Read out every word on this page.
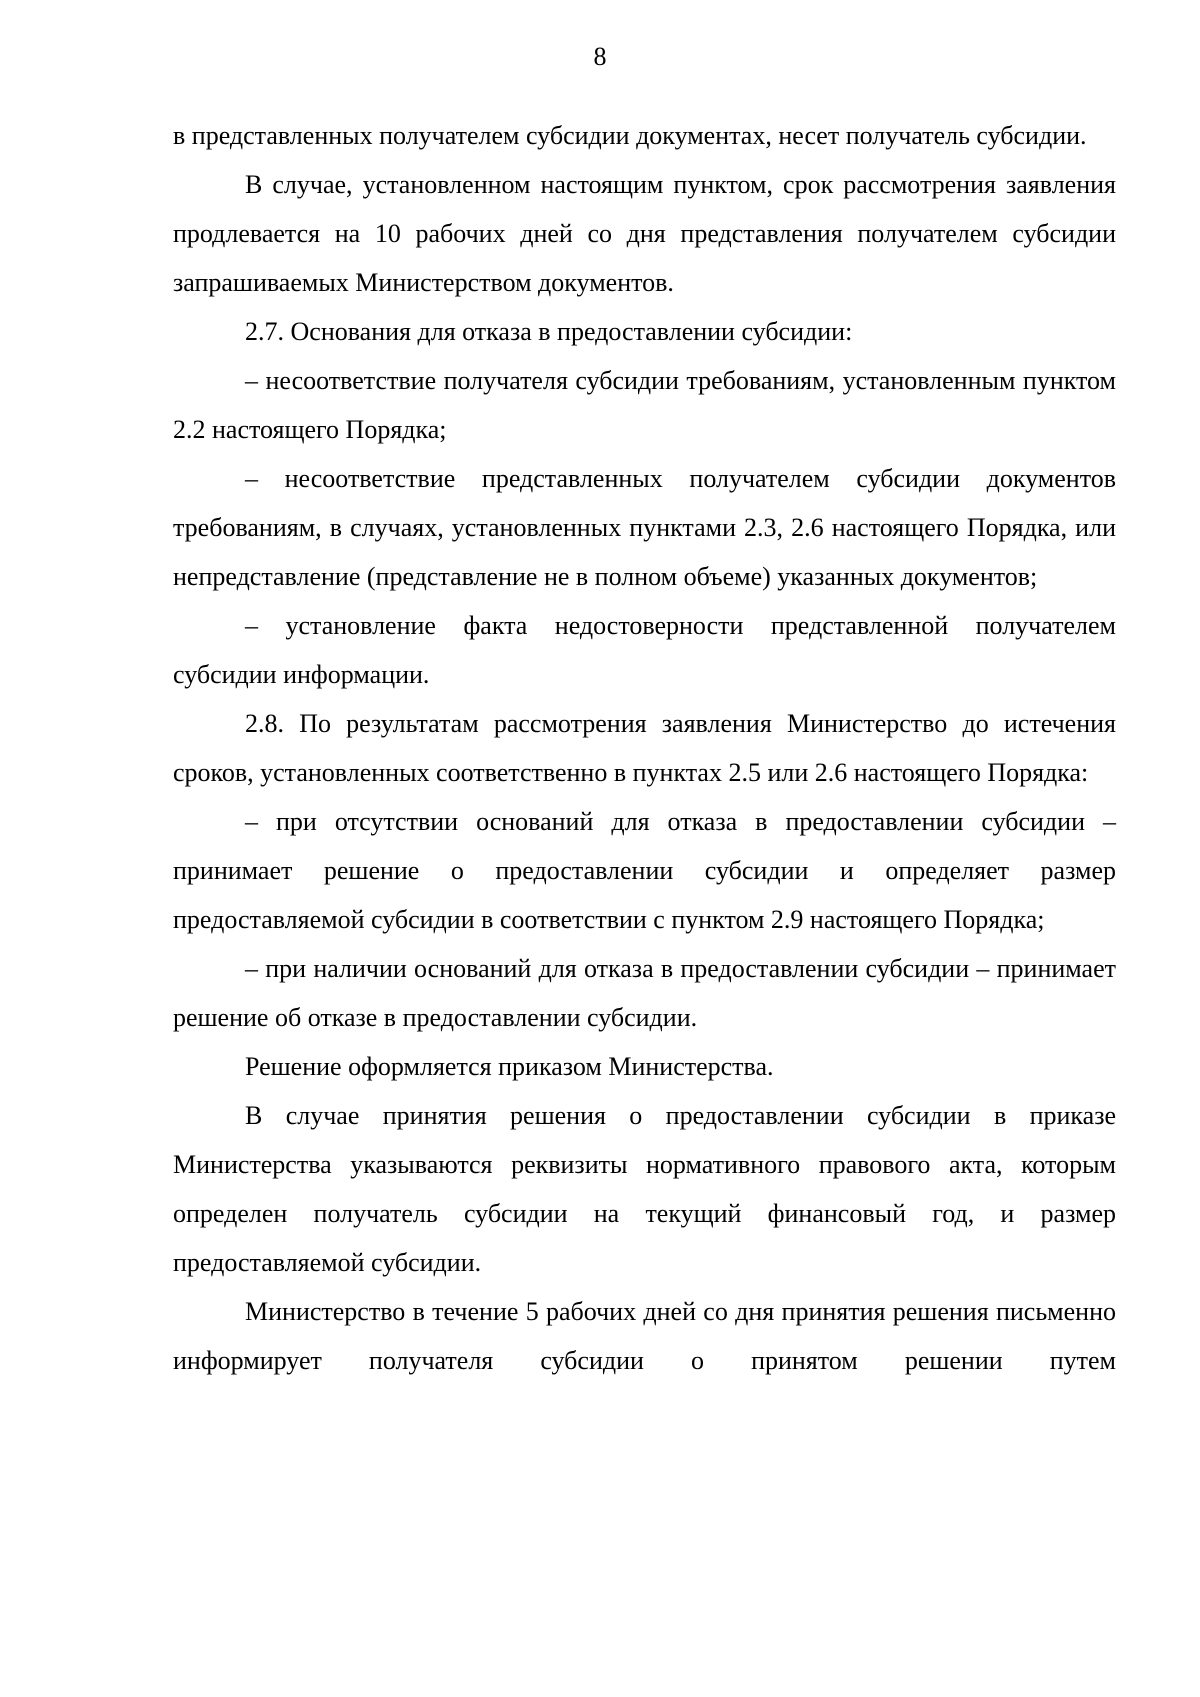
8

в представленных получателем субсидии документах, несет получатель субсидии.

В случае, установленном настоящим пунктом, срок рассмотрения заявления продлевается на 10 рабочих дней со дня представления получателем субсидии запрашиваемых Министерством документов.

2.7. Основания для отказа в предоставлении субсидии:

– несоответствие получателя субсидии требованиям, установленным пунктом 2.2 настоящего Порядка;

– несоответствие представленных получателем субсидии документов требованиям, в случаях, установленных пунктами 2.3, 2.6 настоящего Порядка, или непредставление (представление не в полном объеме) указанных документов;

– установление факта недостоверности представленной получателем субсидии информации.

2.8. По результатам рассмотрения заявления Министерство до истечения сроков, установленных соответственно в пунктах 2.5 или 2.6 настоящего Порядка:

– при отсутствии оснований для отказа в предоставлении субсидии – принимает решение о предоставлении субсидии и определяет размер предоставляемой субсидии в соответствии с пунктом 2.9 настоящего Порядка;

– при наличии оснований для отказа в предоставлении субсидии – принимает решение об отказе в предоставлении субсидии.

Решение оформляется приказом Министерства.

В случае принятия решения о предоставлении субсидии в приказе Министерства указываются реквизиты нормативного правового акта, которым определен получатель субсидии на текущий финансовый год, и размер предоставляемой субсидии.

Министерство в течение 5 рабочих дней со дня принятия решения письменно информирует получателя субсидии о принятом решении путем
